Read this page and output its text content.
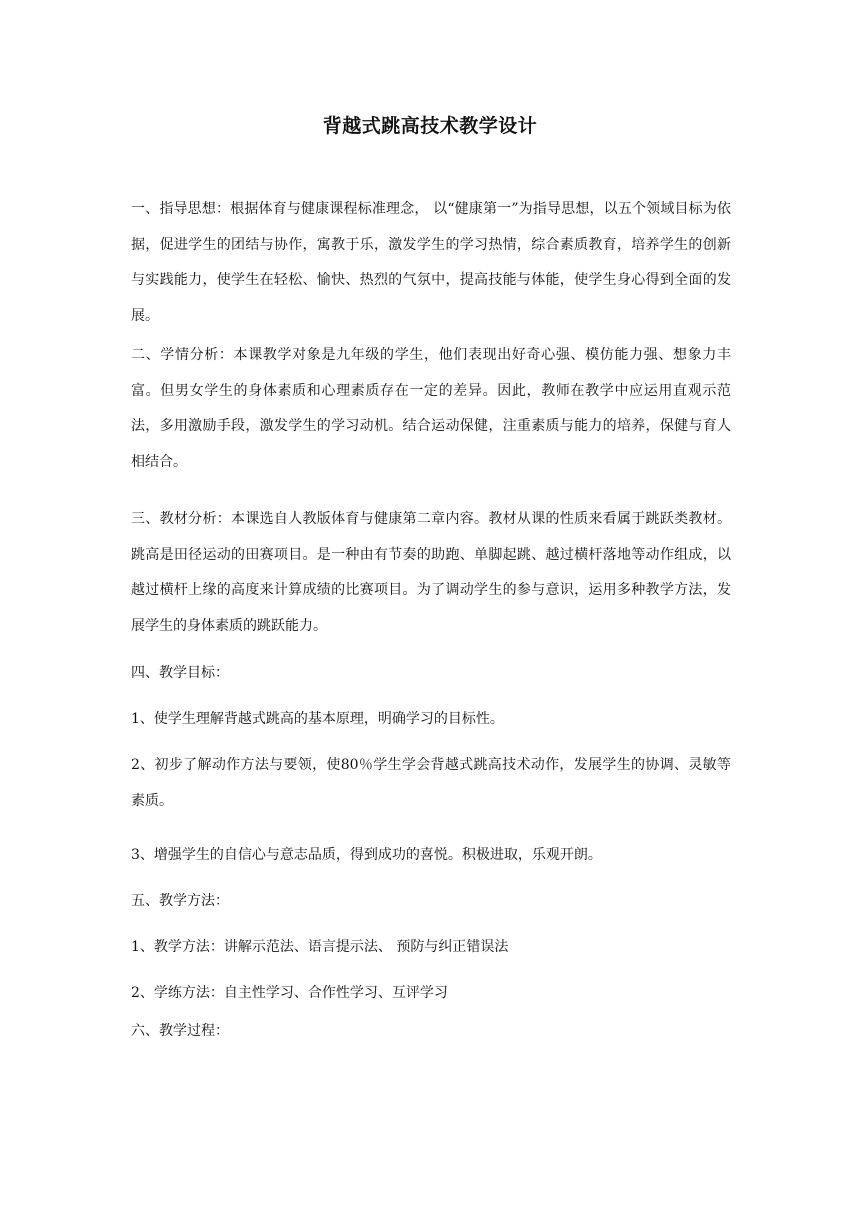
背越式跳高技术教学设计

一、指导思想：根据体育与健康课程标准理念， 以“健康第一”为指导思想，以五个领域目标为依据，促进学生的团结与协作，寓教于乐，激发学生的学习热情，综合素质教育，培养学生的创新与实践能力，使学生在轻松、愉快、热烈的气氛中，提高技能与体能，使学生身心得到全面的发展。

二、学情分析：本课教学对象是九年级的学生，他们表现出好奇心强、模仿能力强、想象力丰富。但男女学生的身体素质和心理素质存在一定的差异。因此，教师在教学中应运用直观示范法，多用激励手段，激发学生的学习动机。结合运动保健，注重素质与能力的培养，保健与育人相结合。

三、教材分析：本课选自人教版体育与健康第二章内容。教材从课的性质来看属于跳跃类教材。跳高是田径运动的田赛项目。是一种由有节奏的助跑、单脚起跳、越过横杆落地等动作组成，以越过横杆上缘的高度来计算成绩的比赛项目。为了调动学生的参与意识，运用多种教学方法，发展学生的身体素质的跳跃能力。

四、教学目标：

1、使学生理解背越式跳高的基本原理，明确学习的目标性。

2、初步了解动作方法与要领，使80％学生学会背越式跳高技术动作，发展学生的协调、灵敏等素质。

3、增强学生的自信心与意志品质，得到成功的喜悦。积极进取，乐观开朗。

五、教学方法：

1、教学方法：讲解示范法、语言提示法、 预防与纠正错误法

2、学练方法：自主性学习、合作性学习、互评学习

六、教学过程：
